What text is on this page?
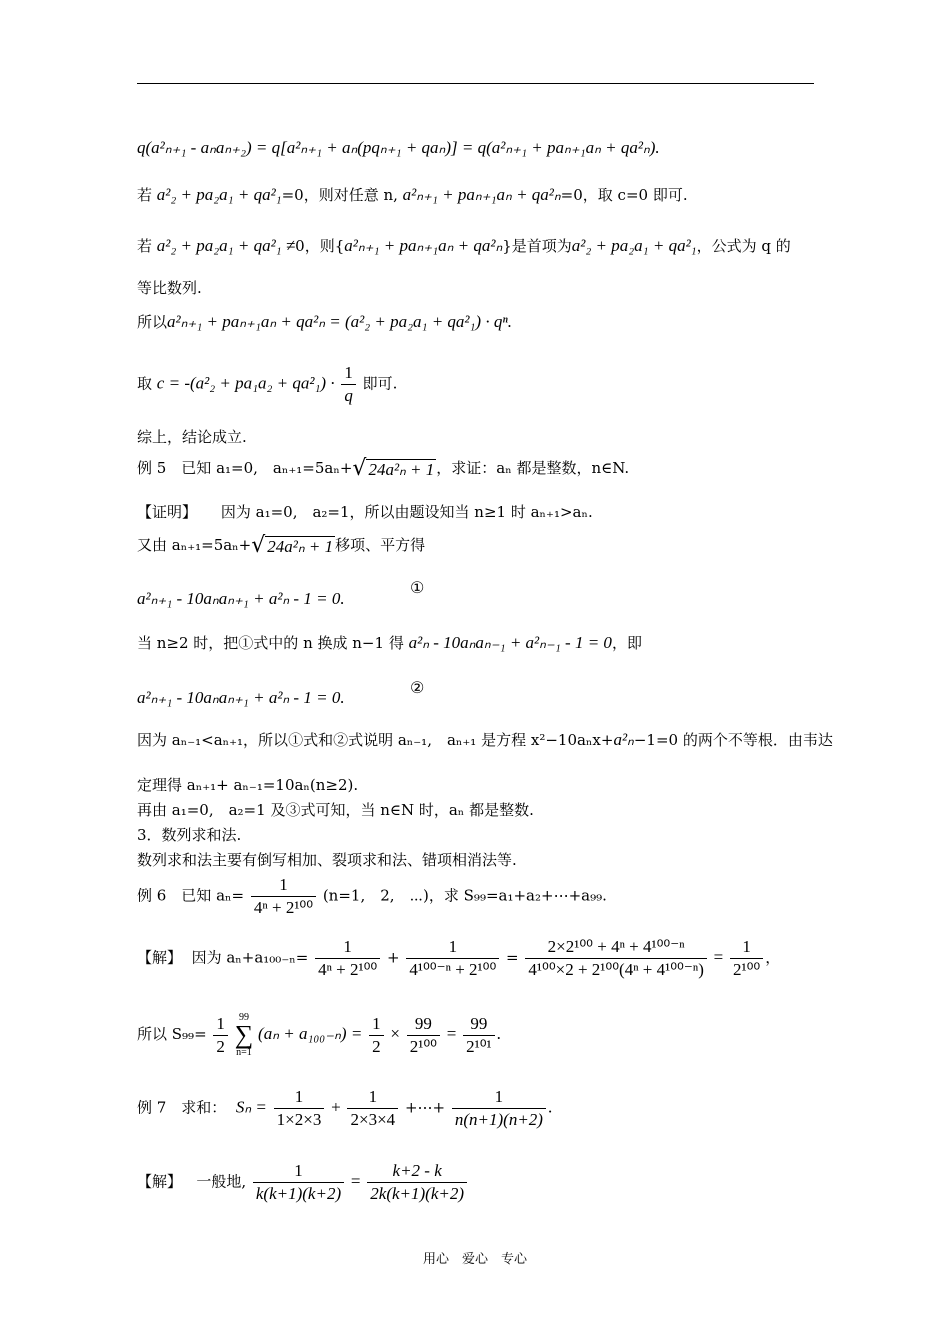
q(a²ₙ₊₁ - aₙaₙ₊₂) = q[a²ₙ₊₁ + aₙ(pqₙ₊₁ + qaₙ)] = q(a²ₙ₊₁ + paₙ₊₁aₙ + qa²ₙ).
若 a²₂ + pa₂a₁ + qa²₁=0，则对任意 n, a²ₙ₊₁ + paₙ₊₁aₙ + qa²ₙ=0，取 c=0 即可.
若 a²₂ + pa₂a₁ + qa²₁ ≠0，则{a²ₙ₊₁ + paₙ₊₁aₙ + qa²ₙ}是首项为a²₂ + pa₂a₁ + qa²₁，公式为 q 的
等比数列.
所以a²ₙ₊₁ + paₙ₊₁aₙ + qa²ₙ = (a²₂ + pa₂a₁ + qa²₁) · qⁿ.
取 $c = -(a^2_2 + pa_1a_2 + qa^2_1) \cdot \frac{1}{q}$ 即可.
综上，结论成立.
例 5　已知 a₁=0,　aₙ₊₁=5aₙ+√ 24a²ₙ + 1 ，求证：aₙ 都是整数，n∈N.
【证明】 因为 a₁=0,　a₂=1，所以由题设知当 n≥1 时 aₙ₊₁>aₙ.
又由 aₙ₊₁=5aₙ+√ 24a²ₙ + 1 移项、平方得
a²ₙ₊₁ - 10aₙaₙ₊₁ + a²ₙ - 1 = 0.
①
当 n≥2 时，把①式中的 n 换成 n−1 得 a²ₙ - 10aₙaₙ₋₁ + a²ₙ₋₁ - 1 = 0，即
a²ₙ₊₁ - 10aₙaₙ₊₁ + a²ₙ - 1 = 0.
②
因为 aₙ₋₁<aₙ₊₁，所以①式和②式说明 aₙ₋₁,　aₙ₊₁ 是方程 x²−10aₙx+a²ₙ−1=0 的两个不等根．由韦达
定理得 aₙ₊₁+ aₙ₋₁=10aₙ(n≥2).
再由 a₁=0,　a₂=1 及③式可知，当 n∈N 时，aₙ 都是整数.
3．数列求和法.
数列求和法主要有倒写相加、裂项求和法、错项相消法等.
例 6　已知 $a_n= \frac{1}{\text{4ⁿ + 2¹⁰⁰}} (n=1$,　2,　⋯)，求 S₉₉=a₁+a₂+⋯+a₉₉.
【解】 因为 $a_n+a_{100-n}= \frac{1}{\text{4ⁿ + 2¹⁰⁰}} + \frac{1}{\text{4¹⁰⁰⁻ⁿ + 2¹⁰⁰}} = \frac{\text{2×2¹⁰⁰ + 4ⁿ + 4¹⁰⁰⁻ⁿ}}{\text{4¹⁰⁰×2 + 2¹⁰⁰(4ⁿ + 4¹⁰⁰⁻ⁿ)}} = \frac{1}{\text{2¹⁰⁰}}$ ，
所以 $S_{99}= \frac{1}{2}$
	99
∑
n=1
$(a_n + a_{100-n}) = \frac{1}{2} \times \frac{99}{\text{2¹⁰⁰}} = \frac{99}{\text{2¹⁰¹}}$ .
例 7　求和： $S_n = \frac{1}{1\times 2\times 3} + \frac{1}{2\times 3\times 4}$ +⋯+ $\frac{1}{n(n+1)(n+2)}$ .
【解】 一般地, $\frac{1}{k(k+1)(k+2)} = \frac{k+2 - k}{2k(k+1)(k+2)}$
用心　爱心　专心
